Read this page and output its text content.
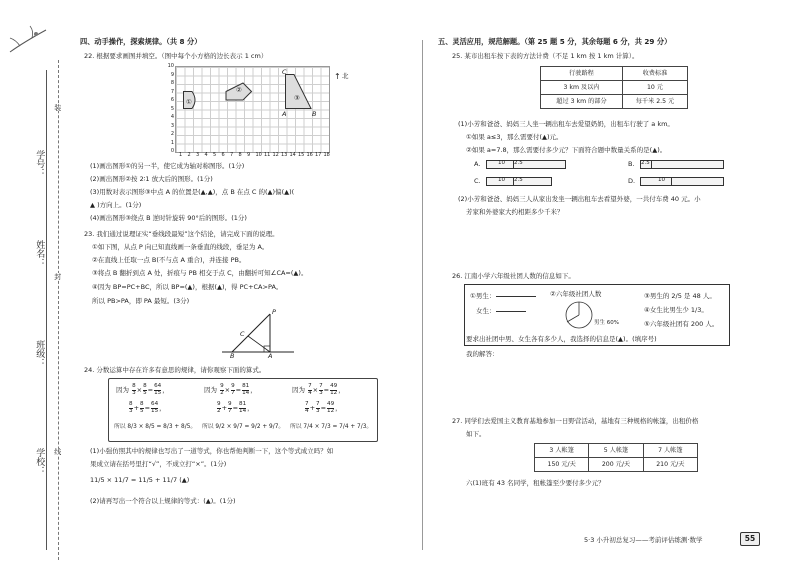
装
封
线
学号：
姓名：
班级：
学校：
四、动手操作，探索规律。（共 8 分）
22. 根据要求画图并填空。（图中每个小方格的边长表示 1 cm）
①
②
③
A	B
C	↑ 北
10
9
8
7
6
5
4
3
2
1
0
1	2	3	4	5	6	7	8	9	10 11 12 13 14 15 16 17 18
(1)画出图形①的另一半，使它成为轴对称图形。(1分)
(2)画出图形②按 2∶1 放大后的图形。(1分)
(3)用数对表示图形③中点 A 的位置是(▲,▲)，点 B 在点 C 的(▲)偏(▲)(
▲ )方向上。(1分)
(4)画出图形③绕点 B 逆时针旋转 90°后的图形。(1分)
23. 我们通过说理证实“垂线段最短”这个结论，请完成下面的说理。
①如下图，从点 P 向已知直线画一条垂直的线段，垂足为 A。
②在直线上任取一点 B(不与点 A 重合)，并连接 PB。
③将点 B 翻折到点 A 处，折痕与 PB 相交于点 C，由翻折可知∠CA=(▲)。
④因为 BP=PC+BC，所以 BP=(▲)，根据(▲)，得 PC+CA>PA。
所以 PB>PA，即 PA 最短。(3分)
P
C
B	A
24. 分数运算中存在许多有意思的规律，请你观察下面的算式。
因为 $\frac{8}{3} \times \frac{8}{5} = \frac{64}{15}$ ，
$\frac{8}{3} + \frac{8}{5} = \frac{64}{15}$ ，
因为 $\frac{9}{2} \times \frac{9}{7} = \frac{81}{14}$ ，
$\frac{9}{2} + \frac{9}{7} = \frac{81}{14}$ ，
因为 $\frac{7}{4} \times \frac{7}{3} = \frac{49}{12}$ ，
$\frac{7}{4} + \frac{7}{3} = \frac{49}{12}$ ，
所以 8/3 × 8/5 = 8/3 + 8/5。 所以 9/2 × 9/7 = 9/2 + 9/7。 所以 7/4 × 7/3 = 7/4 + 7/3。
(1)小强仿照其中的规律也写出了一道等式，你也帮他判断一下，这个等式成立吗？如
果成立请在括号里打“√”，不成立打“×”。(1分)
11/5 × 11/7 = 11/5 + 11/7 (▲)
(2)请再写出一个符合以上规律的等式：(▲)。(1分)
五、灵活应用，规范解题。（第 25 题 5 分，其余每题 6 分，共 29 分）
25. 某市出租车按下表的方法计费（不足 1 km 按 1 km 计算）。
行驶路程	收费标准
3 km 及以内	10 元
超过 3 km 的部分	每千米 2.5 元
(1)小芳和爸爸、妈妈三人坐一辆出租车去爱望奶奶，出租车行驶了 a km。
①如果 a≤3，那么需要付(▲)元。
②如果 a=7.8，那么需要付多少元？下面符合题中数量关系的是(▲)。
A.	10 2.5	B. 2.5
C.	10 2.5	D.	10
(2)小芳和爸爸、妈妈三人从家出发坐一辆出租车去看望外婆，一共付车费 40 元。小
芳家和外婆家大约相距多少千米？
26. 江南小学六年级社团人数的信息如下。
①男生：
女生：
②六年级社团人数
男生 60%
③男生的 2/5 是 48 人。
④女生比男生少 1/3。
⑤六年级社团有 200 人。
要求出社团中男、女生各有多少人，我选择的信息是(▲)。(填序号)
我的解答：
27. 同学们去爱国主义教育基地参加一日野营活动，基地有三种规格的帐篷，出租价格
如下。
3 人帐篷	5 人帐篷	7 人帐篷
150 元/天	200 元/天	210 元/天
六(1)班有 43 名同学，租帐篷至少要付多少元？
5·3 小升初总复习——考前评估练测·数学	55
